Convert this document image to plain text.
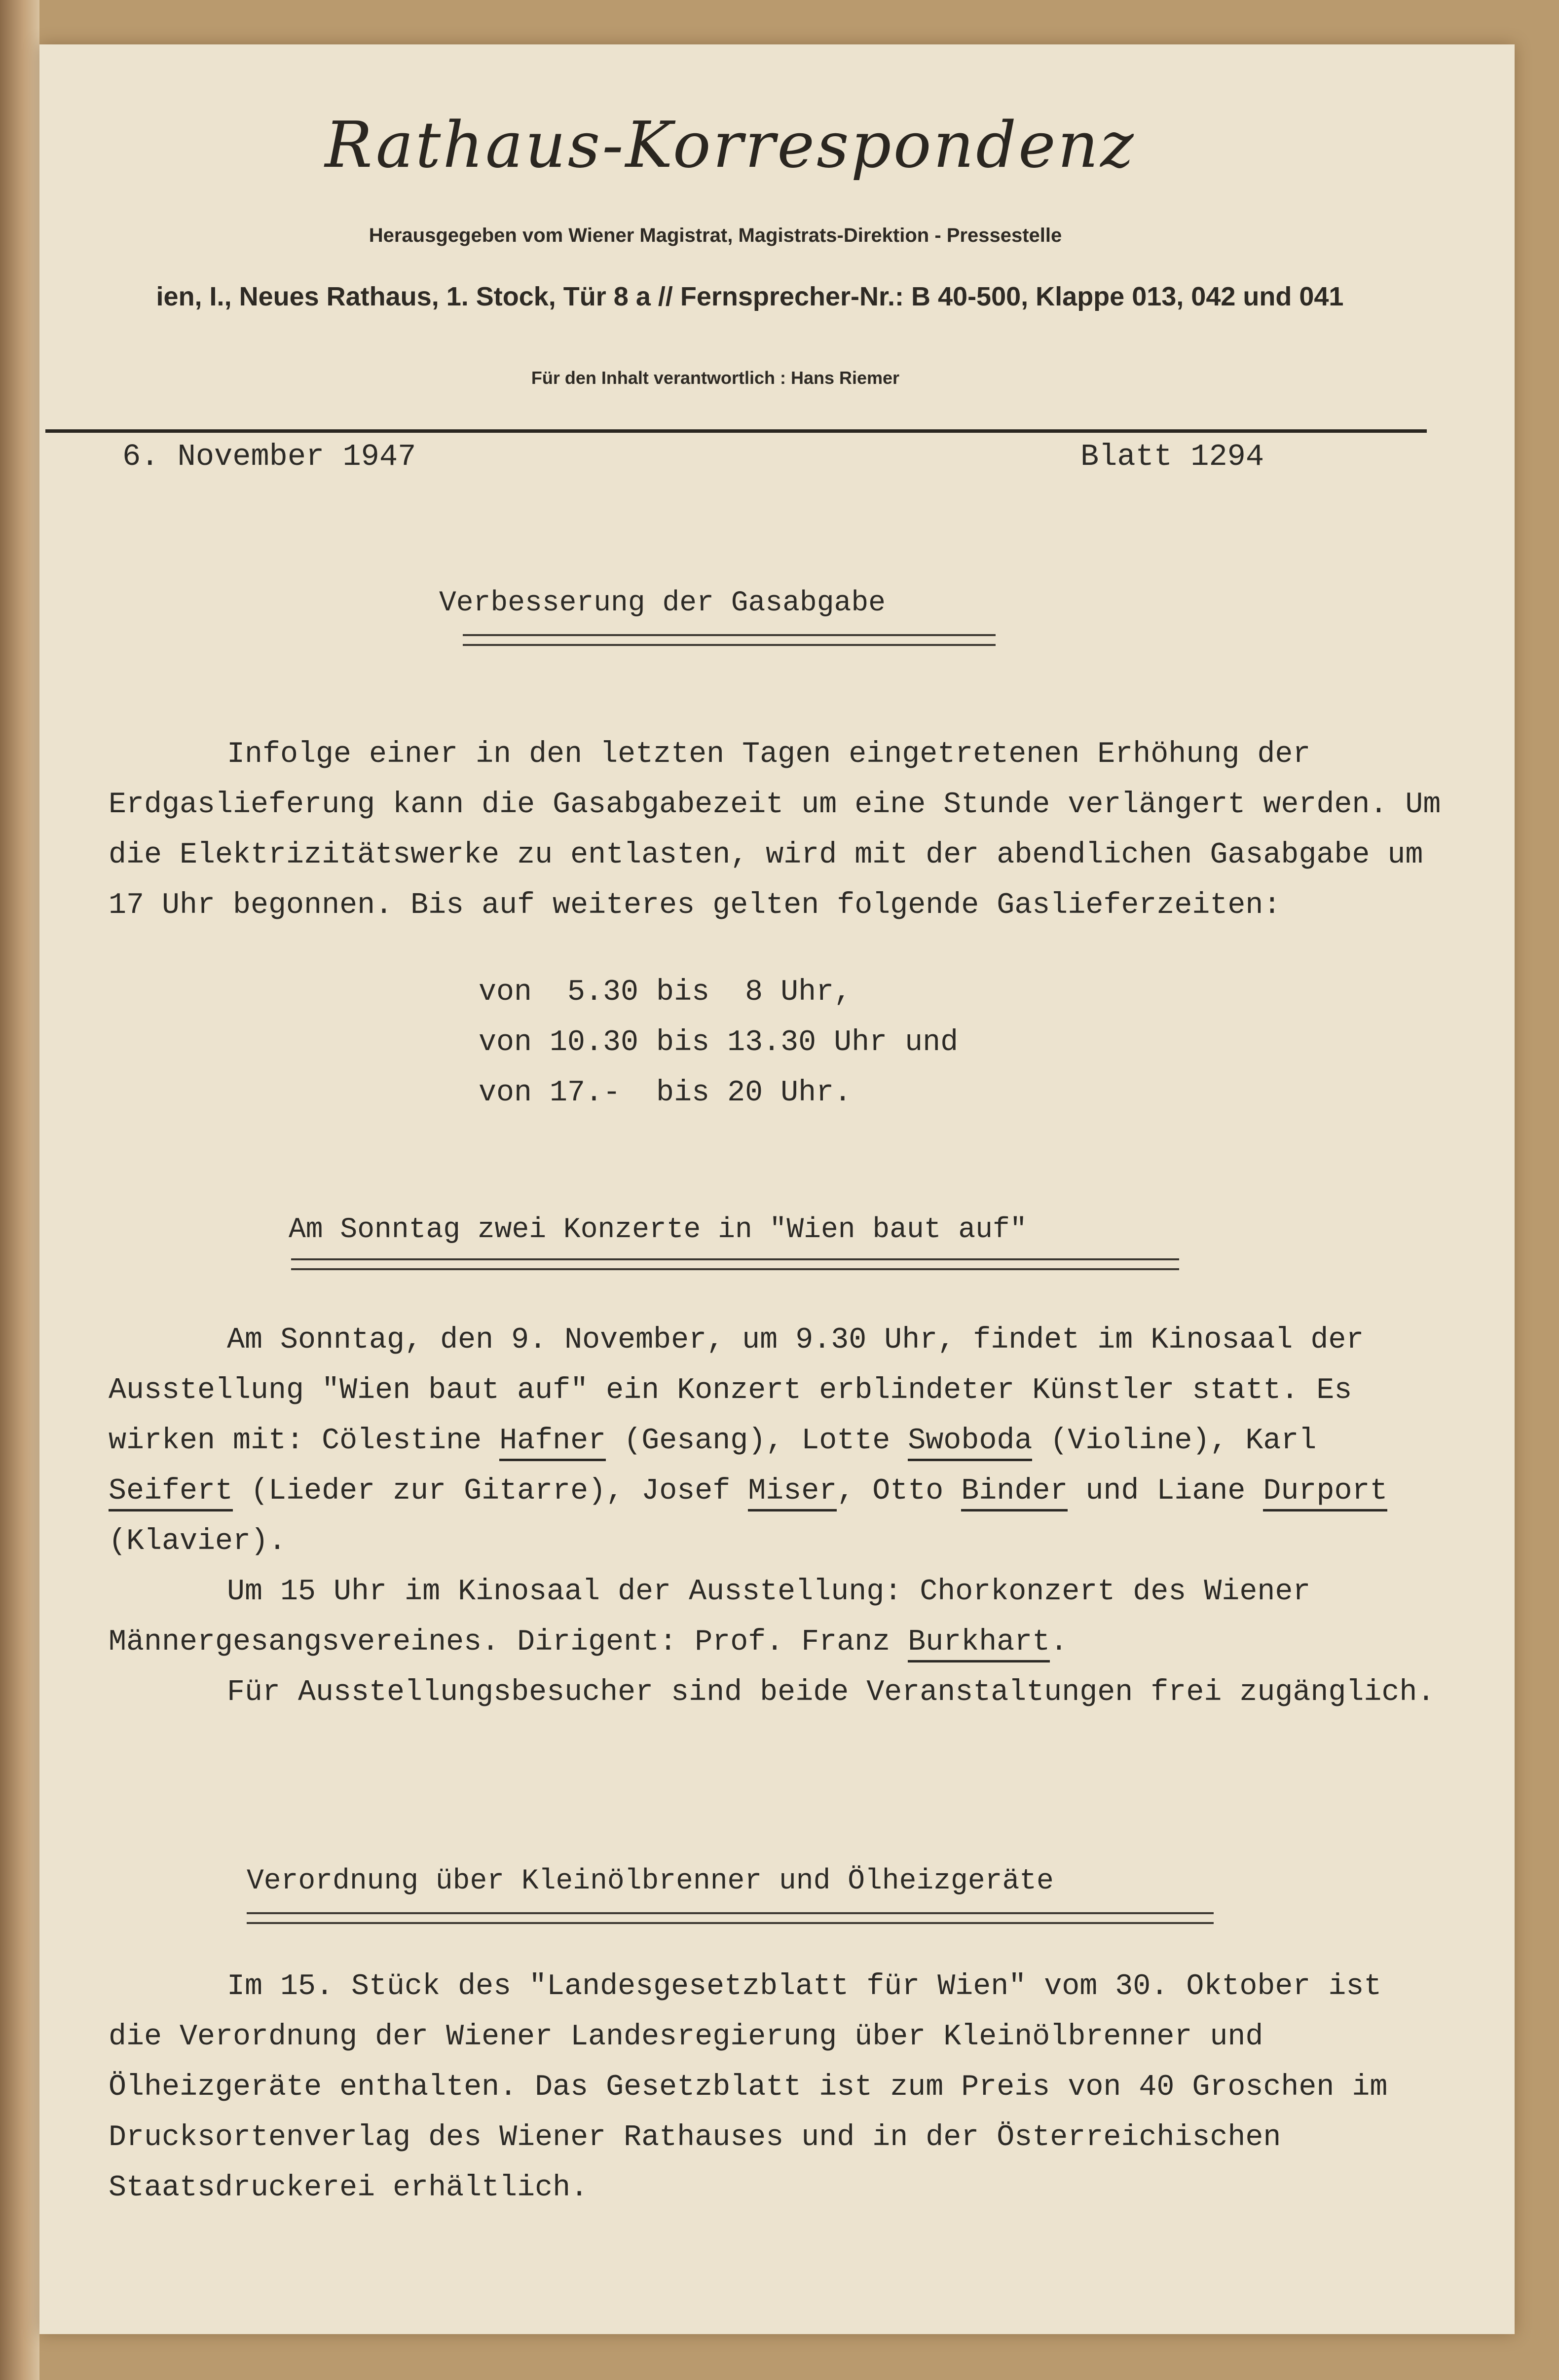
Rathaus-Korrespondenz
Herausgegeben vom Wiener Magistrat, Magistrats-Direktion - Pressestelle
ien, I., Neues Rathaus, 1. Stock, Tür 8 a // Fernsprecher-Nr.: B 40-500, Klappe 013, 042 und 041
Für den Inhalt verantwortlich : Hans Riemer
6. November 1947	Blatt 1294
Verbesserung der Gasabgabe

Infolge einer in den letzten Tagen eingetretenen Erhöhung der Erdgaslieferung kann die Gasabgabezeit um eine Stunde verlängert werden. Um die Elektrizitätswerke zu entlasten, wird mit der abendlichen Gasabgabe um 17 Uhr begonnen. Bis auf weiteres gelten folgende Gaslieferzeiten:

von  5.30 bis  8 Uhr,
von 10.30 bis 13.30 Uhr und
von 17.-  bis 20 Uhr.
Am Sonntag zwei Konzerte in "Wien baut auf"

Am Sonntag, den 9. November, um 9.30 Uhr, findet im Kinosaal der Ausstellung "Wien baut auf" ein Konzert erblindeter Künstler statt. Es wirken mit: Cölestine Hafner (Gesang), Lotte Swoboda (Violine), Karl Seifert (Lieder zur Gitarre), Josef Miser, Otto Binder und Liane Durport (Klavier).

Um 15 Uhr im Kinosaal der Ausstellung: Chorkonzert des Wiener Männergesangsvereines. Dirigent: Prof. Franz Burkhart.

Für Ausstellungsbesucher sind beide Veranstaltungen frei zugänglich.

Verordnung über Kleinölbrenner und Ölheizgeräte

Im 15. Stück des "Landesgesetzblatt für Wien" vom 30. Oktober ist die Verordnung der Wiener Landesregierung über Kleinölbrenner und Ölheizgeräte enthalten. Das Gesetzblatt ist zum Preis von 40 Groschen im Drucksortenverlag des Wiener Rathauses und in der Österreichischen Staatsdruckerei erhältlich.
